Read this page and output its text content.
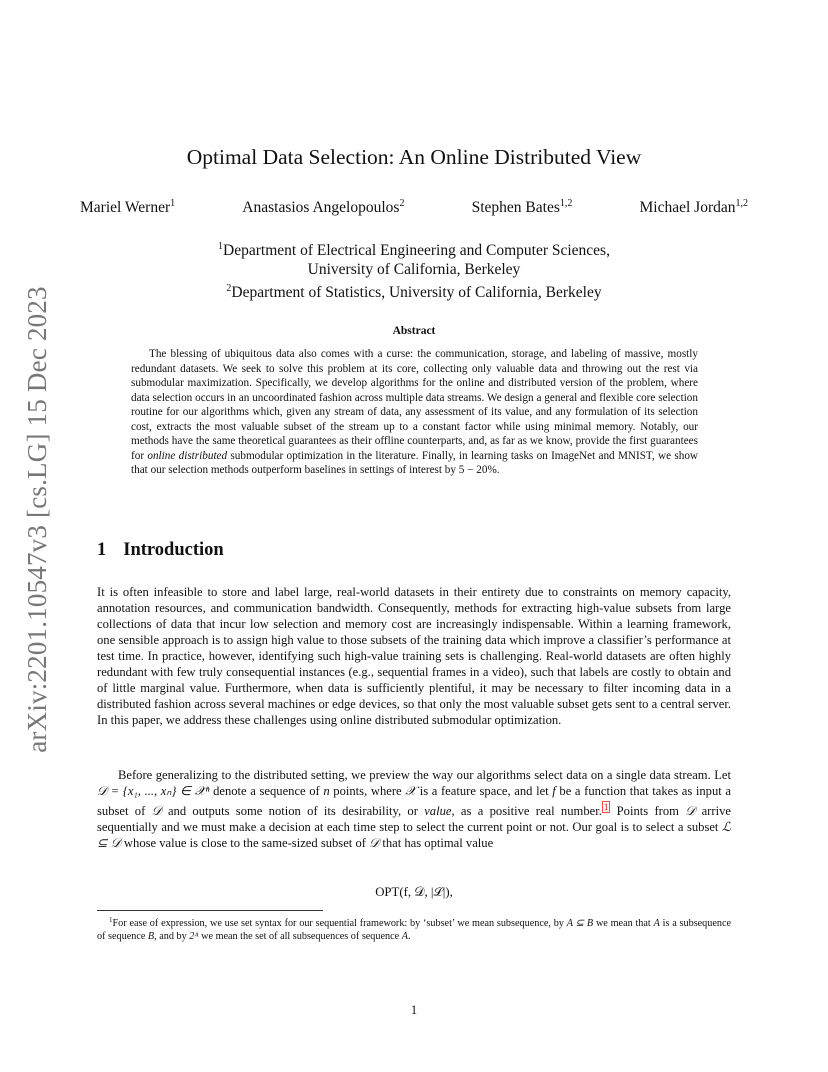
arXiv:2201.10547v3 [cs.LG] 15 Dec 2023
Optimal Data Selection: An Online Distributed View
Mariel Werner$^1$	Anastasios Angelopoulos$^2$	Stephen Bates$^{1,2}$	Michael Jordan$^{1,2}$
$^1$Department of Electrical Engineering and Computer Sciences,
University of California, Berkeley
$^2$Department of Statistics, University of California, Berkeley
Abstract

The blessing of ubiquitous data also comes with a curse: the communication, storage, and labeling of massive, mostly redundant datasets. We seek to solve this problem at its core, collecting only valuable data and throwing out the rest via submodular maximization. Specifically, we develop algorithms for the online and distributed version of the problem, where data selection occurs in an uncoordinated fashion across multiple data streams. We design a general and flexible core selection routine for our algorithms which, given any stream of data, any assessment of its value, and any formulation of its selection cost, extracts the most valuable subset of the stream up to a constant factor while using minimal memory. Notably, our methods have the same theoretical guarantees as their offline counterparts, and, as far as we know, provide the first guarantees for online distributed submodular optimization in the literature. Finally, in learning tasks on ImageNet and MNIST, we show that our selection methods outperform baselines in settings of interest by 5 − 20%.

1 Introduction

It is often infeasible to store and label large, real-world datasets in their entirety due to constraints on memory capacity, annotation resources, and communication bandwidth. Consequently, methods for extracting high-value subsets from large collections of data that incur low selection and memory cost are increasingly indispensable. Within a learning framework, one sensible approach is to assign high value to those subsets of the training data which improve a classifier’s performance at test time. In practice, however, identifying such high-value training sets is challenging. Real-world datasets are often highly redundant with few truly consequential instances (e.g., sequential frames in a video), such that labels are costly to obtain and of little marginal value. Furthermore, when data is sufficiently plentiful, it may be necessary to filter incoming data in a distributed fashion across several machines or edge devices, so that only the most valuable subset gets sent to a central server. In this paper, we address these challenges using online distributed submodular optimization.

Before generalizing to the distributed setting, we preview the way our algorithms select data on a single data stream. Let 𝒟 = {x₁, ..., xₙ} ∈ 𝒳ⁿ denote a sequence of n points, where 𝒳 is a feature space, and let f be a function that takes as input a subset of 𝒟 and outputs some notion of its desirability, or value, as a positive real number. $^1$ Points from 𝒟 arrive sequentially and we must make a decision at each time step to select the current point or not. Our goal is to select a subset ℒ ⊆ 𝒟 whose value is close to the same-sized subset of 𝒟 that has optimal value

OPT(f, 𝒟, |ℒ|),

$^1$For ease of expression, we use set syntax for our sequential framework: by ‘subset’ we mean subsequence, by A ⊆ B we mean that A is a subsequence of sequence B, and by 2ᴬ we mean the set of all subsequences of sequence A.

1
